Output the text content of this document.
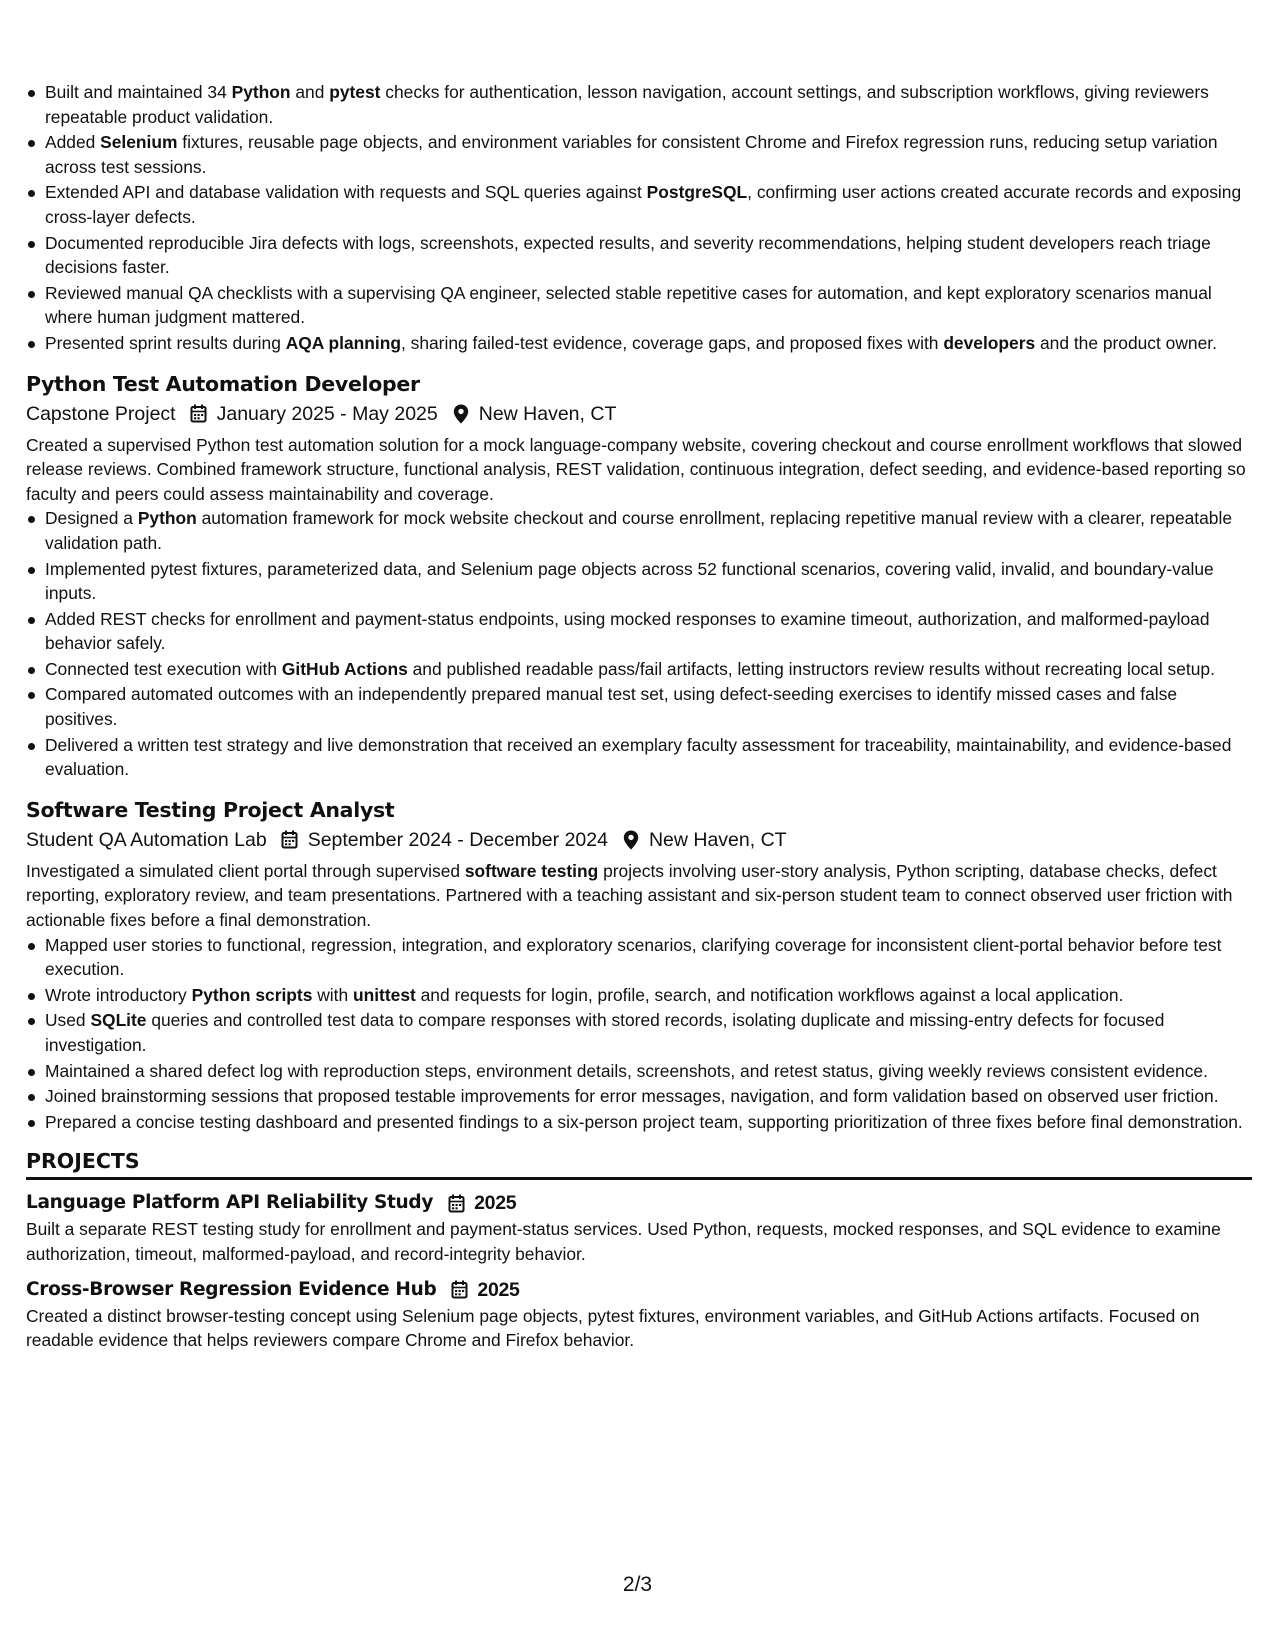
Built and maintained 34 Python and pytest checks for authentication, lesson navigation, account settings, and subscription workflows, giving reviewers repeatable product validation.
Added Selenium fixtures, reusable page objects, and environment variables for consistent Chrome and Firefox regression runs, reducing setup variation across test sessions.
Extended API and database validation with requests and SQL queries against PostgreSQL, confirming user actions created accurate records and exposing cross-layer defects.
Documented reproducible Jira defects with logs, screenshots, expected results, and severity recommendations, helping student developers reach triage decisions faster.
Reviewed manual QA checklists with a supervising QA engineer, selected stable repetitive cases for automation, and kept exploratory scenarios manual where human judgment mattered.
Presented sprint results during AQA planning, sharing failed-test evidence, coverage gaps, and proposed fixes with developers and the product owner.
Python Test Automation Developer
Capstone Project January 2025 - May 2025 New Haven, CT
Created a supervised Python test automation solution for a mock language-company website, covering checkout and course enrollment workflows that slowed release reviews. Combined framework structure, functional analysis, REST validation, continuous integration, defect seeding, and evidence-based reporting so faculty and peers could assess maintainability and coverage.
Designed a Python automation framework for mock website checkout and course enrollment, replacing repetitive manual review with a clearer, repeatable validation path.
Implemented pytest fixtures, parameterized data, and Selenium page objects across 52 functional scenarios, covering valid, invalid, and boundary-value inputs.
Added REST checks for enrollment and payment-status endpoints, using mocked responses to examine timeout, authorization, and malformed-payload behavior safely.
Connected test execution with GitHub Actions and published readable pass/fail artifacts, letting instructors review results without recreating local setup.
Compared automated outcomes with an independently prepared manual test set, using defect-seeding exercises to identify missed cases and false positives.
Delivered a written test strategy and live demonstration that received an exemplary faculty assessment for traceability, maintainability, and evidence-based evaluation.
Software Testing Project Analyst
Student QA Automation Lab September 2024 - December 2024 New Haven, CT
Investigated a simulated client portal through supervised software testing projects involving user-story analysis, Python scripting, database checks, defect reporting, exploratory review, and team presentations. Partnered with a teaching assistant and six-person student team to connect observed user friction with actionable fixes before a final demonstration.
Mapped user stories to functional, regression, integration, and exploratory scenarios, clarifying coverage for inconsistent client-portal behavior before test execution.
Wrote introductory Python scripts with unittest and requests for login, profile, search, and notification workflows against a local application.
Used SQLite queries and controlled test data to compare responses with stored records, isolating duplicate and missing-entry defects for focused investigation.
Maintained a shared defect log with reproduction steps, environment details, screenshots, and retest status, giving weekly reviews consistent evidence.
Joined brainstorming sessions that proposed testable improvements for error messages, navigation, and form validation based on observed user friction.
Prepared a concise testing dashboard and presented findings to a six-person project team, supporting prioritization of three fixes before final demonstration.
PROJECTS
Language Platform API Reliability Study 2025
Built a separate REST testing study for enrollment and payment-status services. Used Python, requests, mocked responses, and SQL evidence to examine authorization, timeout, malformed-payload, and record-integrity behavior.
Cross-Browser Regression Evidence Hub 2025
Created a distinct browser-testing concept using Selenium page objects, pytest fixtures, environment variables, and GitHub Actions artifacts. Focused on readable evidence that helps reviewers compare Chrome and Firefox behavior.
2/3
